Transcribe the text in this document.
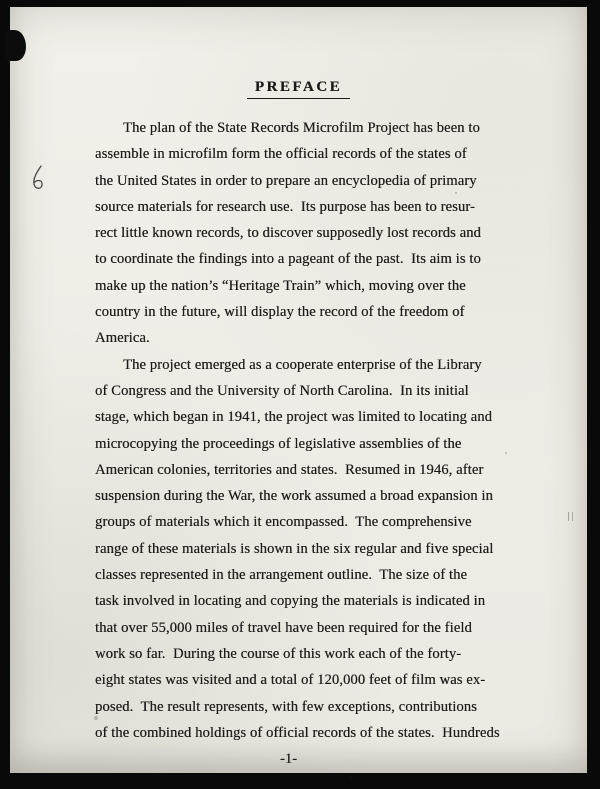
PREFACE
The plan of the State Records Microfilm Project has been to
assemble in microfilm form the official records of the states of
the United States in order to prepare an encyclopedia of primary
source materials for research use.  Its purpose has been to resur-
rect little known records, to discover supposedly lost records and
to coordinate the findings into a pageant of the past.  Its aim is to
make up the nation’s “Heritage Train” which, moving over the
country in the future, will display the record of the freedom of
America.
The project emerged as a cooperate enterprise of the Library
of Congress and the University of North Carolina.  In its initial
stage, which began in 1941, the project was limited to locating and
microcopying the proceedings of legislative assemblies of the
American colonies, territories and states.  Resumed in 1946, after
suspension during the War, the work assumed a broad expansion in
groups of materials which it encompassed.  The comprehensive
range of these materials is shown in the six regular and five special
classes represented in the arrangement outline.  The size of the
task involved in locating and copying the materials is indicated in
that over 55,000 miles of travel have been required for the field
work so far.  During the course of this work each of the forty-
eight states was visited and a total of 120,000 feet of film was ex-
posed.  The result represents, with few exceptions, contributions
of the combined holdings of official records of the states.  Hundreds
-1-
